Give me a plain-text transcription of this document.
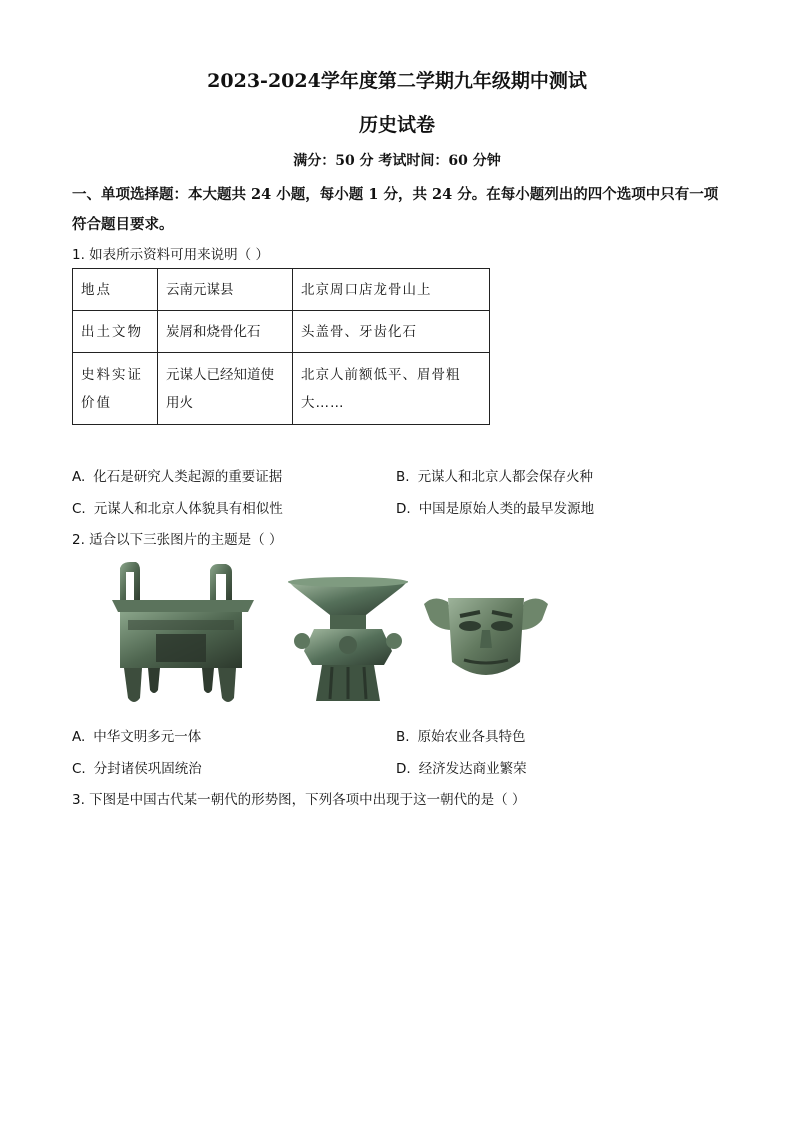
2023-2024学年度第二学期九年级期中测试
历史试卷
满分：50 分 考试时间：60 分钟

一、单项选择题：本大题共 24 小题，每小题 1 分，共 24 分。在每小题列出的四个选项中只有一项符合题目要求。

1. 如表所示资料可用来说明（ ）

地点	云南元谋县	北京周口店龙骨山上
出土文物	炭屑和烧骨化石	头盖骨、牙齿化石
史料实证价值	元谋人已经知道使用火	北京人前额低平、眉骨粗大……
A. 化石是研究人类起源的重要证据	B. 元谋人和北京人都会保存火种
C. 元谋人和北京人体貌具有相似性	D. 中国是原始人类的最早发源地

2. 适合以下三张图片的主题是（ ）

A. 中华文明多元一体	B. 原始农业各具特色
C. 分封诸侯巩固统治	D. 经济发达商业繁荣

3. 下图是中国古代某一朝代的形势图，下列各项中出现于这一朝代的是（ ）
